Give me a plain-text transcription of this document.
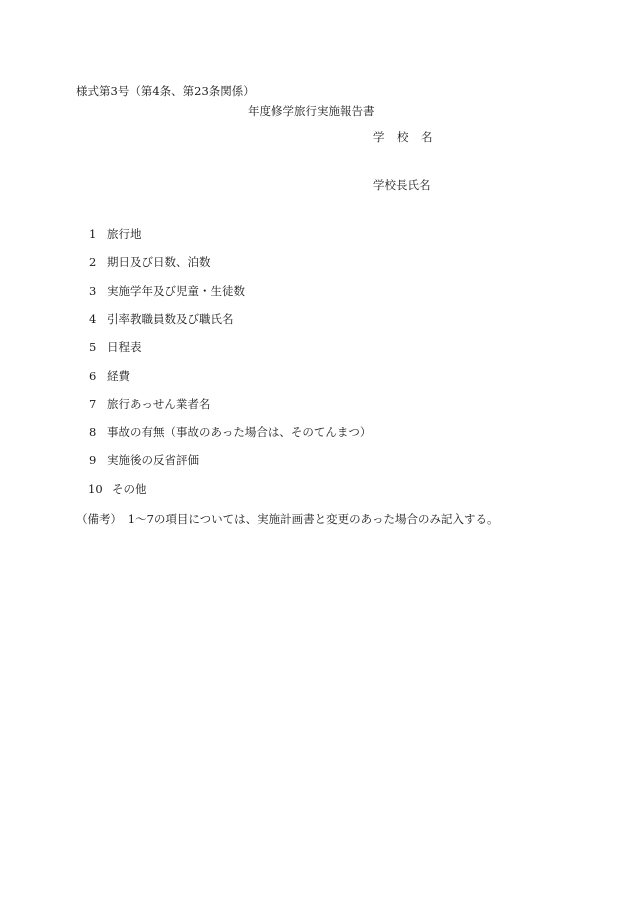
様式第3号（第4条、第23条関係）

年度修学旅行実施報告書

学　校　名

学校長氏名

1 旅行地
2 期日及び日数、泊数
3 実施学年及び児童・生徒数
4 引率教職員数及び職氏名
5 日程表
6 経費
7 旅行あっせん業者名
8 事故の有無（事故のあった場合は、そのてんまつ）
9 実施後の反省評価
10 その他

（備考）　1～7の項目については、実施計画書と変更のあった場合のみ記入する。
